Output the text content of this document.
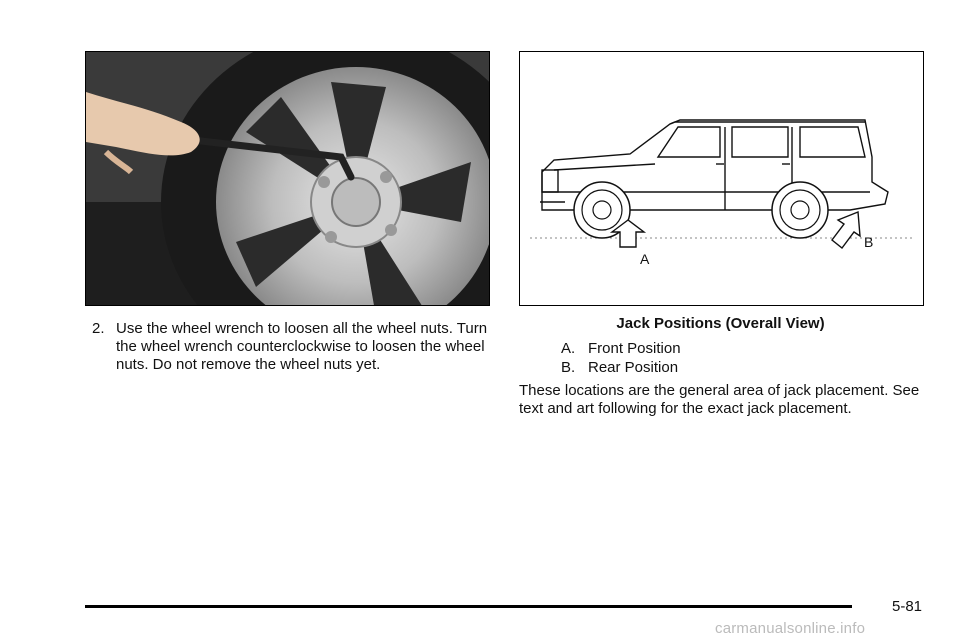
A
B
Jack Positions (Overall View)
A. Front Position
B. Rear Position
These locations are the general area of jack placement. See text and art following for the exact jack placement.
2. Use the wheel wrench to loosen all the wheel nuts. Turn the wheel wrench counterclockwise to loosen the wheel nuts. Do not remove the wheel nuts yet.
5-81
carmanualsonline.info
